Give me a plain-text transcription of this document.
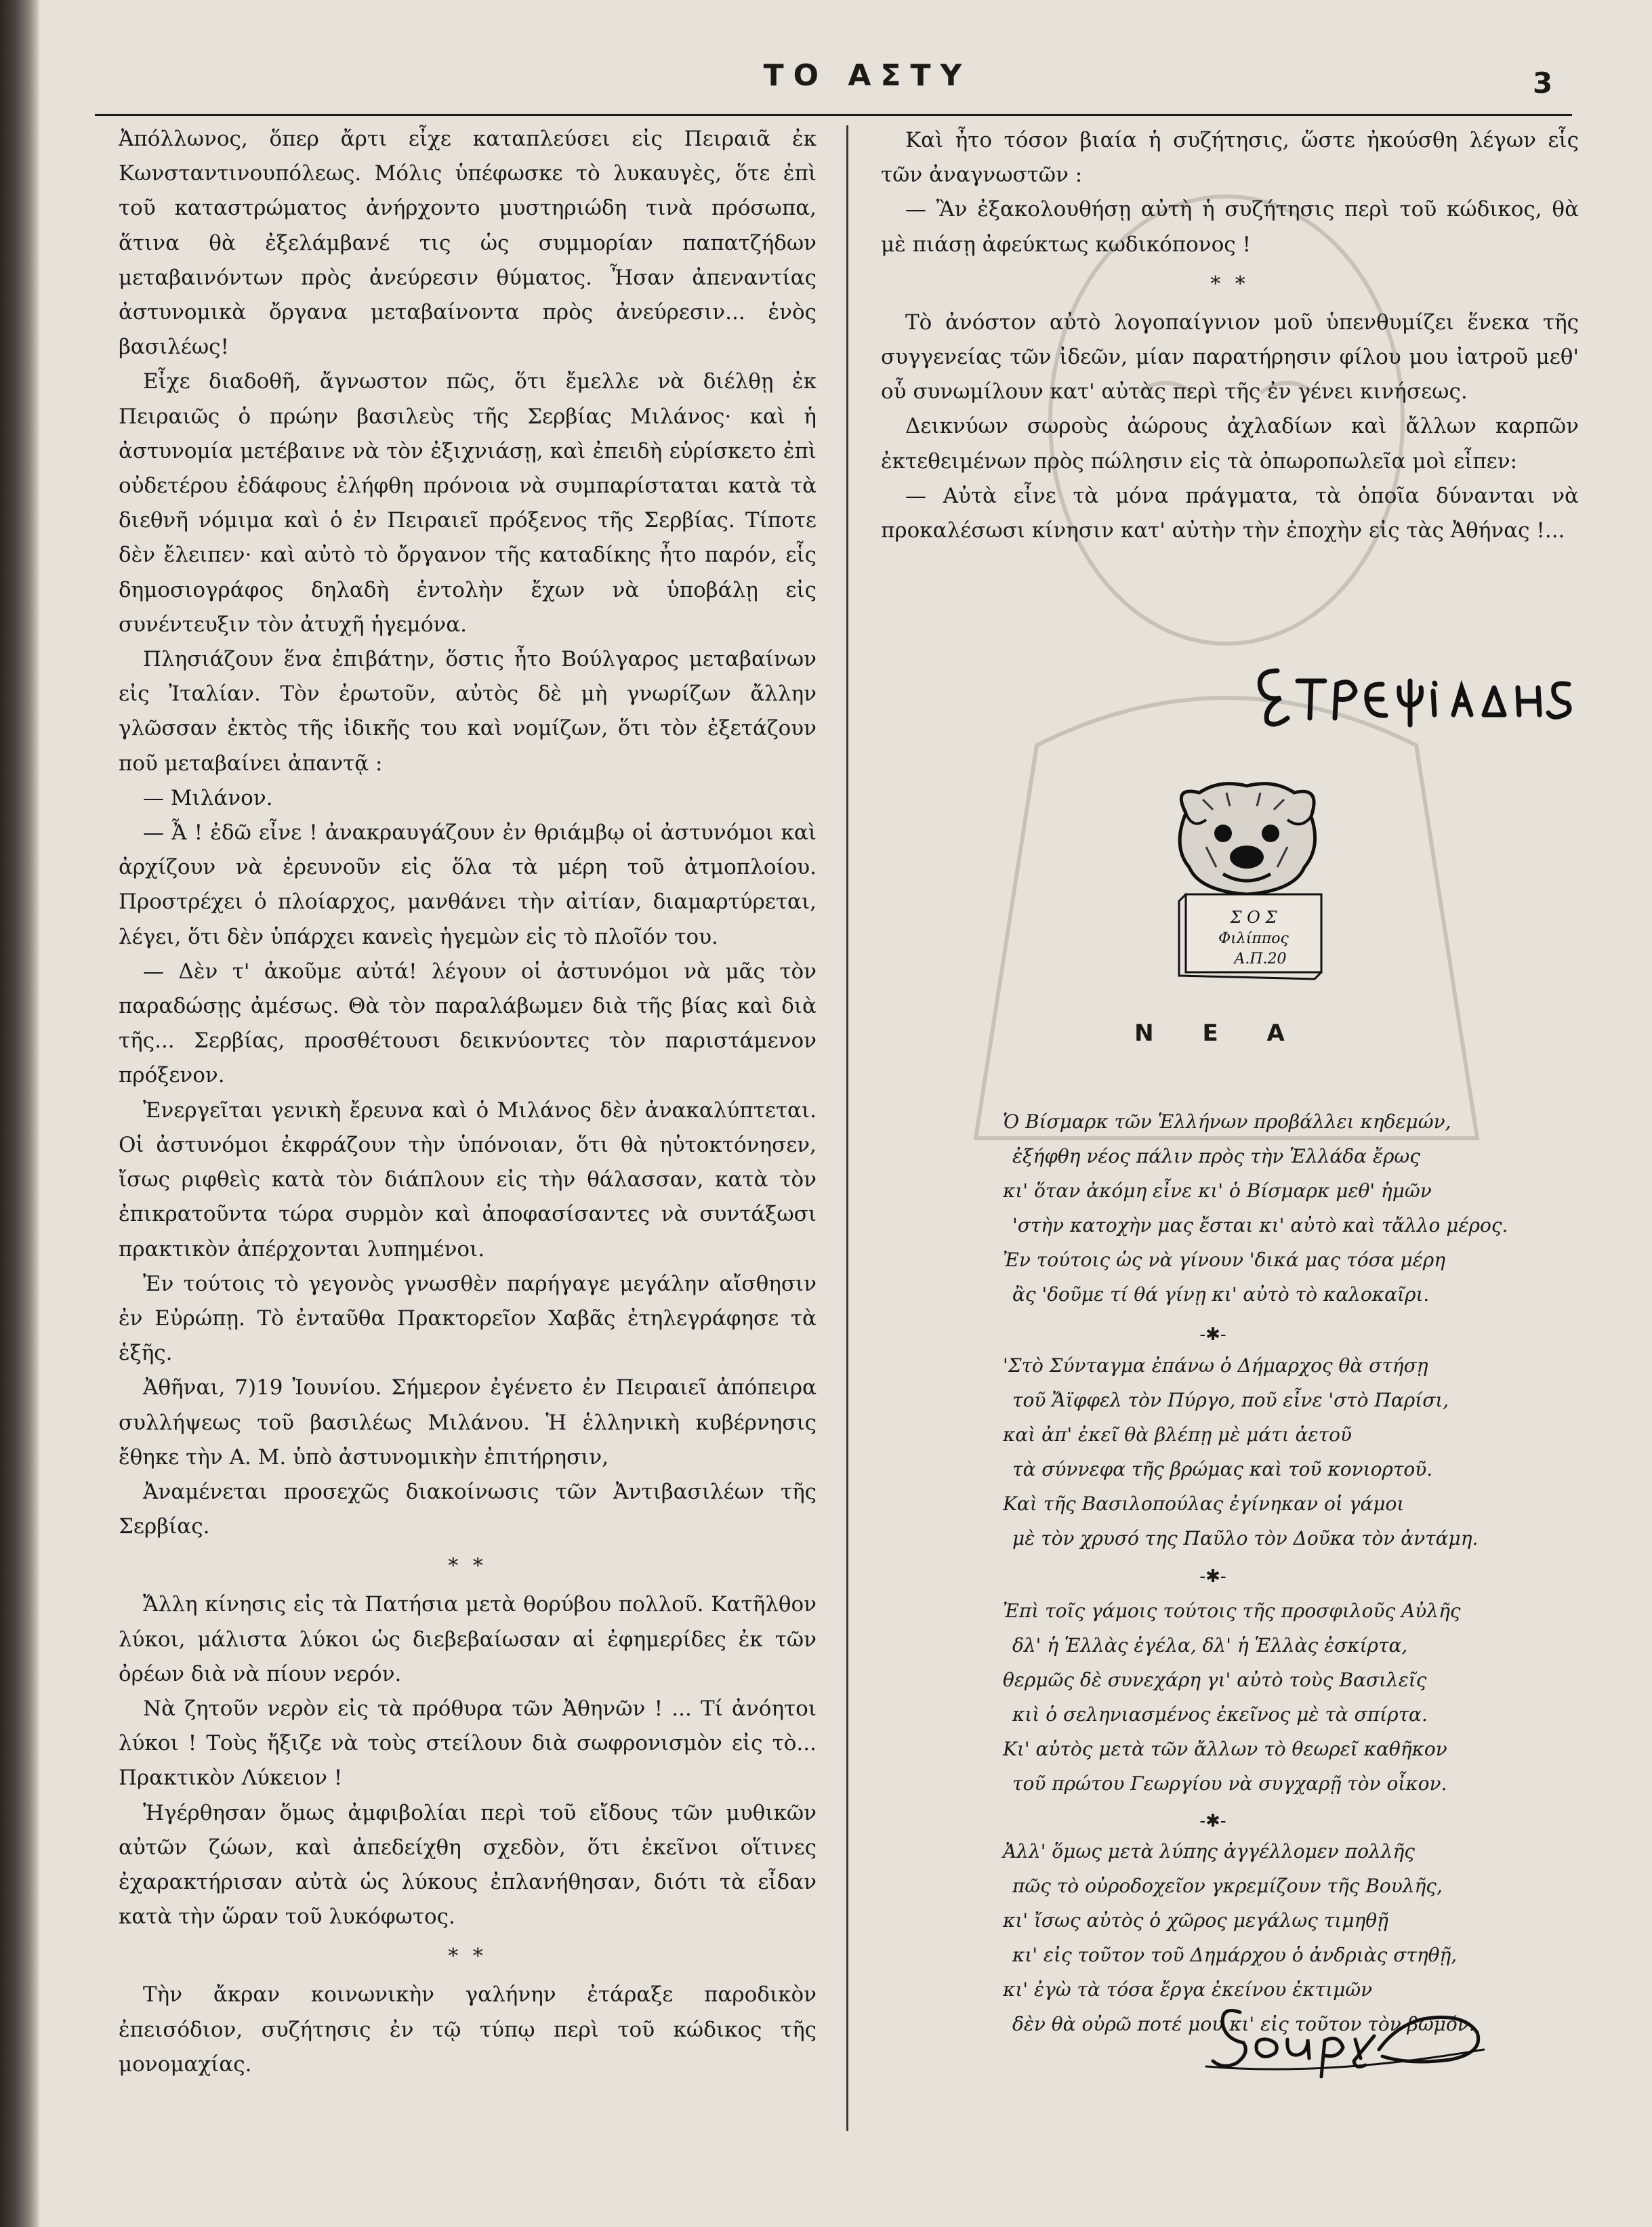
ΤΟ ΑΣΤΥ	3

Ἀπόλλωνος, ὅπερ ἄρτι εἶχε καταπλεύσει εἰς Πειραιᾶ ἐκ Κωνσταντινουπόλεως. Μόλις ὑπέφωσκε τὸ λυκαυγὲς, ὅτε ἐπὶ τοῦ καταστρώματος ἀνήρχοντο μυστηριώδη τινὰ πρόσωπα, ἅτινα θὰ ἐξελάμβανέ τις ὡς συμμορίαν παπατζήδων μεταβαινόντων πρὸς ἀνεύρεσιν θύματος. Ἦσαν ἀπεναντίας ἀστυνομικὰ ὄργανα μεταβαίνοντα πρὸς ἀνεύρεσιν... ἑνὸς βασιλέως!

Εἶχε διαδοθῆ, ἄγνωστον πῶς, ὅτι ἔμελλε νὰ διέλθῃ ἐκ Πειραιῶς ὁ πρώην βασιλεὺς τῆς Σερβίας Μιλάνος· καὶ ἡ ἀστυνομία μετέβαινε νὰ τὸν ἐξιχνιάσῃ, καὶ ἐπειδὴ εὑρίσκετο ἐπὶ οὐδετέρου ἐδάφους ἐλήφθη πρόνοια νὰ συμπαρίσταται κατὰ τὰ διεθνῆ νόμιμα καὶ ὁ ἐν Πειραιεῖ πρόξενος τῆς Σερβίας. Τίποτε δὲν ἔλειπεν· καὶ αὐτὸ τὸ ὄργανον τῆς καταδίκης ἦτο παρόν, εἷς δημοσιογράφος δηλαδὴ ἐντολὴν ἔχων νὰ ὑποβάλῃ εἰς συνέντευξιν τὸν ἀτυχῆ ἡγεμόνα.

Πλησιάζουν ἕνα ἐπιβάτην, ὅστις ἦτο Βούλγαρος μεταβαίνων εἰς Ἰταλίαν. Τὸν ἐρωτοῦν, αὐτὸς δὲ μὴ γνωρίζων ἄλλην γλῶσσαν ἐκτὸς τῆς ἰδικῆς του καὶ νομίζων, ὅτι τὸν ἐξετάζουν ποῦ μεταβαίνει ἀπαντᾷ :

— Μιλάνον.

— Ἆ ! ἐδῶ εἶνε ! ἀνακραυγάζουν ἐν θριάμβῳ οἱ ἀστυνόμοι καὶ ἀρχίζουν νὰ ἐρευνοῦν εἰς ὅλα τὰ μέρη τοῦ ἀτμοπλοίου. Προστρέχει ὁ πλοίαρχος, μανθάνει τὴν αἰτίαν, διαμαρτύρεται, λέγει, ὅτι δὲν ὑπάρχει κανεὶς ἡγεμὼν εἰς τὸ πλοῖόν του.

— Δὲν τ' ἀκοῦμε αὐτά! λέγουν οἱ ἀστυνόμοι νὰ μᾶς τὸν παραδώσῃς ἀμέσως. Θὰ τὸν παραλάβωμεν διὰ τῆς βίας καὶ διὰ τῆς... Σερβίας, προσθέτουσι δεικνύοντες τὸν παριστάμενον πρόξενον.

Ἐνεργεῖται γενικὴ ἔρευνα καὶ ὁ Μιλάνος δὲν ἀνακαλύπτεται. Οἱ ἀστυνόμοι ἐκφράζουν τὴν ὑπόνοιαν, ὅτι θὰ ηὐτοκτόνησεν, ἴσως ριφθεὶς κατὰ τὸν διάπλουν εἰς τὴν θάλασσαν, κατὰ τὸν ἐπικρατοῦντα τώρα συρμὸν καὶ ἀποφασίσαντες νὰ συντάξωσι πρακτικὸν ἀπέρχονται λυπημένοι.

Ἐν τούτοις τὸ γεγονὸς γνωσθὲν παρήγαγε μεγάλην αἴσθησιν ἐν Εὐρώπῃ. Τὸ ἐνταῦθα Πρακτορεῖον Χαβᾶς ἐτηλεγράφησε τὰ ἑξῆς.

Ἀθῆναι, 7)19 Ἰουνίου. Σήμερον ἐγένετο ἐν Πειραιεῖ ἀπόπειρα συλλήψεως τοῦ βασιλέως Μιλάνου. Ἡ ἑλληνικὴ κυβέρνησις ἔθηκε τὴν Α. Μ. ὑπὸ ἀστυνομικὴν ἐπιτήρησιν,

Ἀναμένεται προσεχῶς διακοίνωσις τῶν Ἀντιβασιλέων τῆς Σερβίας.

* *

Ἄλλη κίνησις εἰς τὰ Πατήσια μετὰ θορύβου πολλοῦ. Κατῆλθον λύκοι, μάλιστα λύκοι ὡς διεβεβαίωσαν αἱ ἐφημερίδες ἐκ τῶν ὀρέων διὰ νὰ πίουν νερόν.

Νὰ ζητοῦν νερὸν εἰς τὰ πρόθυρα τῶν Ἀθηνῶν ! ... Τί ἀνόητοι λύκοι ! Τοὺς ἤξιζε νὰ τοὺς στείλουν διὰ σωφρονισμὸν εἰς τὸ... Πρακτικὸν Λύκειον !

Ἠγέρθησαν ὅμως ἀμφιβολίαι περὶ τοῦ εἴδους τῶν μυθικῶν αὐτῶν ζώων, καὶ ἀπεδείχθη σχεδὸν, ὅτι ἐκεῖνοι οἵτινες ἐχαρακτήρισαν αὐτὰ ὡς λύκους ἐπλανήθησαν, διότι τὰ εἶδαν κατὰ τὴν ὥραν τοῦ λυκόφωτος.

* *

Τὴν ἄκραν κοινωνικὴν γαλήνην ἐτάραξε παροδικὸν ἐπεισόδιον, συζήτησις ἐν τῷ τύπῳ περὶ τοῦ κώδικος τῆς μονομαχίας.

Καὶ ἦτο τόσον βιαία ἡ συζήτησις, ὥστε ἠκούσθη λέγων εἷς τῶν ἀναγνωστῶν :

— Ἂν ἐξακολουθήσῃ αὐτὴ ἡ συζήτησις περὶ τοῦ κώδικος, θὰ μὲ πιάσῃ ἀφεύκτως κωδικόπονος !

* *

Τὸ ἀνόστον αὐτὸ λογοπαίγνιον μοῦ ὑπενθυμίζει ἕνεκα τῆς συγγενείας τῶν ἰδεῶν, μίαν παρατήρησιν φίλου μου ἰατροῦ μεθ' οὗ συνωμίλουν κατ' αὐτὰς περὶ τῆς ἐν γένει κινήσεως.

Δεικνύων σωροὺς ἀώρους ἀχλαδίων καὶ ἄλλων καρπῶν ἐκτεθειμένων πρὸς πώλησιν εἰς τὰ ὀπωροπωλεῖα μοὶ εἶπεν:

— Αὐτὰ εἶνε τὰ μόνα πράγματα, τὰ ὁποῖα δύνανται νὰ προκαλέσωσι κίνησιν κατ' αὐτὴν τὴν ἐποχὴν εἰς τὰς Ἀθήνας !...

Σ Ο Σ
Φιλίππος
Α.Π.20
Ν Ε Α
Ὁ Βίσμαρκ τῶν Ἑλλήνων προβάλλει κηδεμών,
ἐξήφθη νέος πάλιν πρὸς τὴν Ἑλλάδα ἔρως
κι' ὅταν ἀκόμη εἶνε κι' ὁ Βίσμαρκ μεθ' ἡμῶν
'στὴν κατοχὴν μας ἔσται κι' αὐτὸ καὶ τἄλλο μέρος.
Ἐν τούτοις ὡς νὰ γίνουν 'δικά μας τόσα μέρη
ἂς 'δοῦμε τί θά γίνῃ κι' αὐτὸ τὸ καλοκαῖρι.
-✱-
'Στὸ Σύνταγμα ἐπάνω ὁ Δήμαρχος θὰ στήσῃ
τοῦ Ἄϊφφελ τὸν Πύργο, ποῦ εἶνε 'στὸ Παρίσι,
καὶ ἀπ' ἐκεῖ θὰ βλέπῃ μὲ μάτι ἀετοῦ
τὰ σύννεφα τῆς βρώμας καὶ τοῦ κονιορτοῦ.
Καὶ τῆς Βασιλοπούλας ἐγίνηκαν οἱ γάμοι
μὲ τὸν χρυσό της Παῦλο τὸν Δοῦκα τὸν ἀντάμη.
-✱-
Ἐπὶ τοῖς γάμοις τούτοις τῆς προσφιλοῦς Αὐλῆς
δλ' ἡ Ἑλλὰς ἐγέλα, δλ' ἡ Ἑλλὰς ἐσκίρτα,
θερμῶς δὲ συνεχάρη γι' αὐτὸ τοὺς Βασιλεῖς
κιὶ ὁ σεληνιασμένος ἐκεῖνος μὲ τὰ σπίρτα.
Κι' αὐτὸς μετὰ τῶν ἄλλων τὸ θεωρεῖ καθῆκον
τοῦ πρώτου Γεωργίου νὰ συγχαρῇ τὸν οἶκον.
-✱-
Ἀλλ' ὅμως μετὰ λύπης ἀγγέλλομεν πολλῆς
πῶς τὸ οὐροδοχεῖον γκρεμίζουν τῆς Βουλῆς,
κι' ἴσως αὐτὸς ὁ χῶρος μεγάλως τιμηθῇ
κι' εἰς τοῦτον τοῦ Δημάρχου ὁ ἀνδριὰς στηθῇ,
κι' ἐγὼ τὰ τόσα ἔργα ἐκείνου ἐκτιμῶν
δὲν θὰ οὐρῶ ποτέ μου κι' εἰς τοῦτον τὸν βωμόν.
